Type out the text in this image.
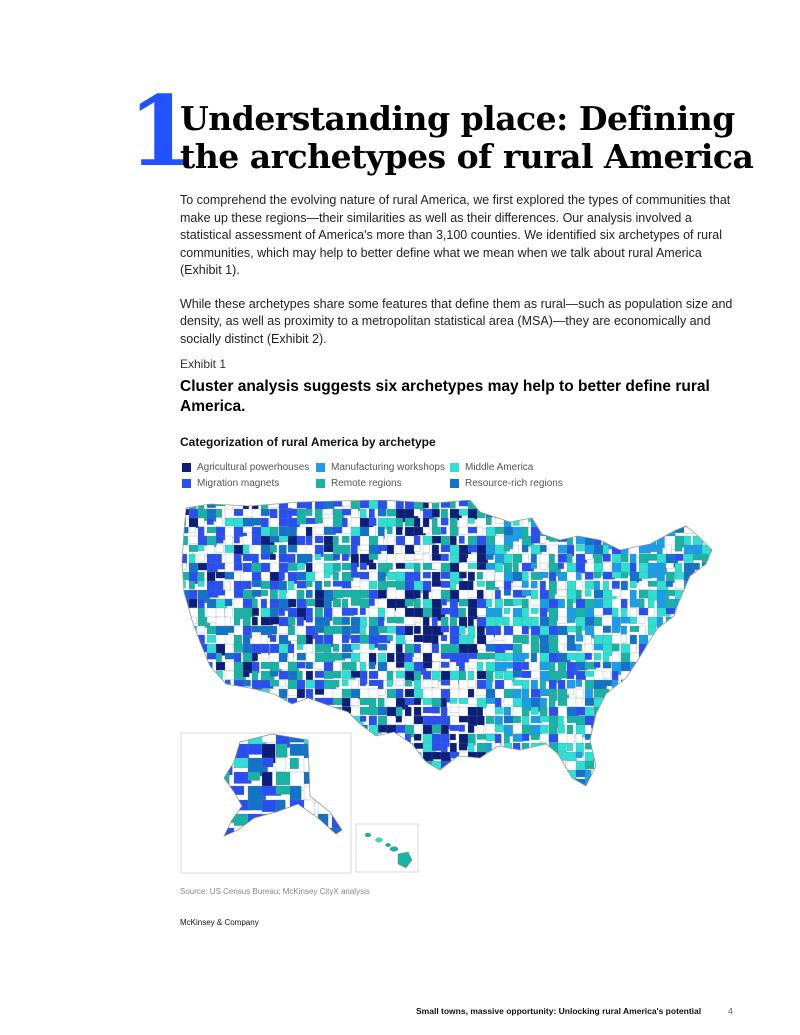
1
Understanding place: Defining the archetypes of rural America

To comprehend the evolving nature of rural America, we first explored the types of communities that make up these regions—their similarities as well as their differences. Our analysis involved a statistical assessment of America's more than 3,100 counties. We identified six archetypes of rural communities, which may help to better define what we mean when we talk about rural America (Exhibit 1).

While these archetypes share some features that define them as rural—such as population size and density, as well as proximity to a metropolitan statistical area (MSA)—they are economically and socially distinct (Exhibit 2).

Exhibit 1
Cluster analysis suggests six archetypes may help to better define rural America.
Categorization of rural America by archetype
Agricultural powerhouses Manufacturing workshops Middle America
Migration magnets	Remote regions	Resource-rich regions
Source: US Census Bureau; McKinsey CityX analysis
McKinsey & Company
Small towns, massive opportunity: Unlocking rural America's potential	4
